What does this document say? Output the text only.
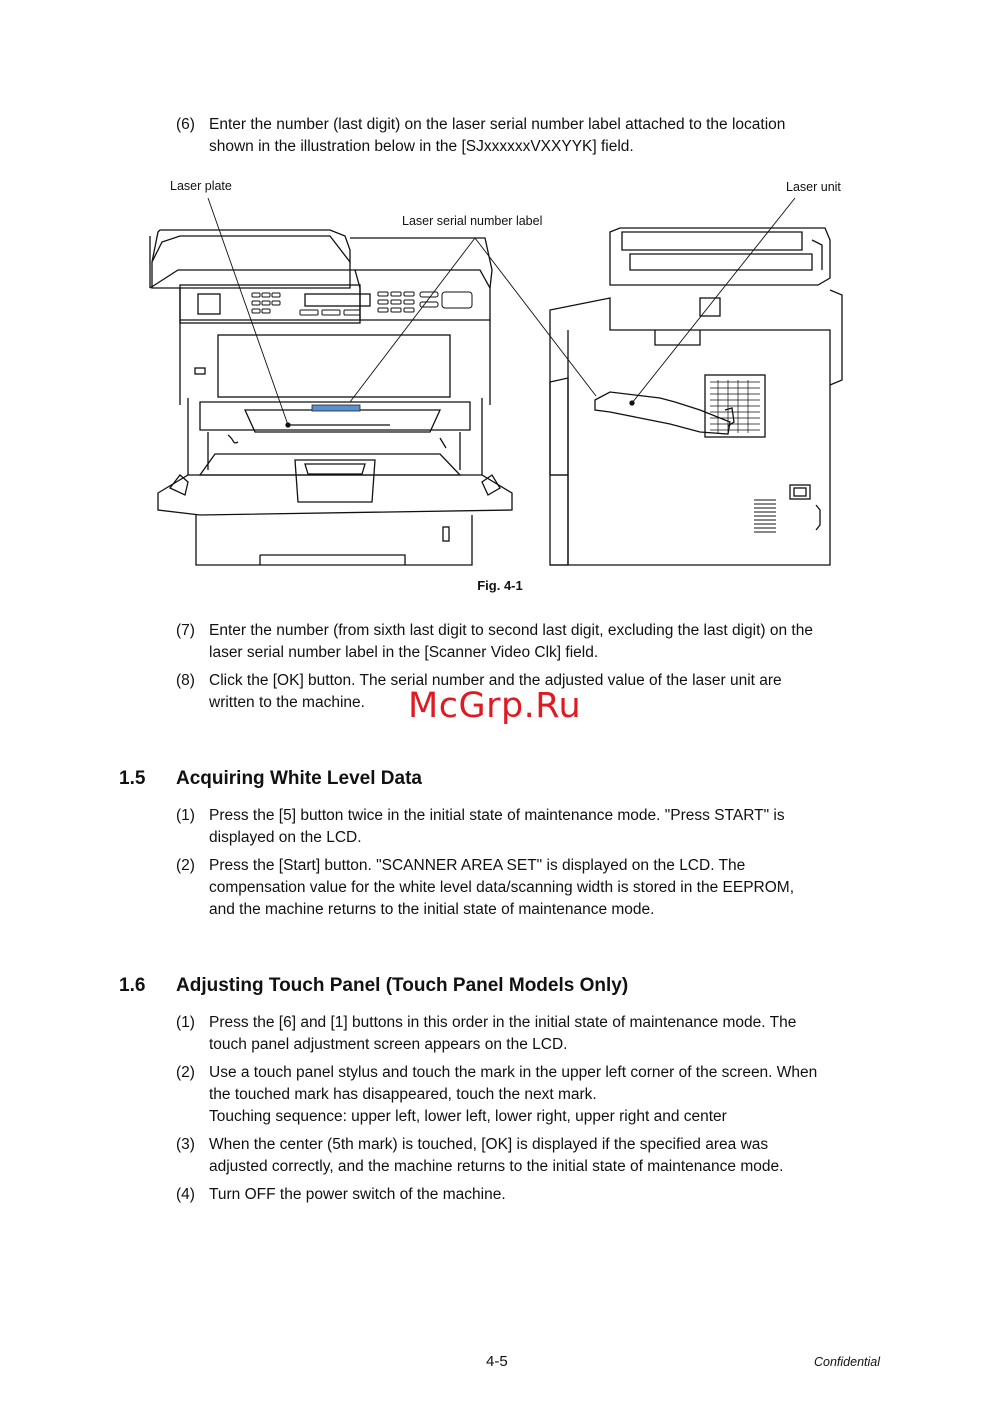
(6) Enter the number (last digit) on the laser serial number label attached to the location
shown in the illustration below in the [SJxxxxxxVXXYYK] field.
Laser plate	Laser unit
Laser serial number label
Fig. 4-1
(7) Enter the number (from sixth last digit to second last digit, excluding the last digit) on the
laser serial number label in the [Scanner Video Clk] field.
(8) Click the [OK] button. The serial number and the adjusted value of the laser unit are
written to the machine.	McGrp.Ru
1.5 Acquiring White Level Data
(1) Press the [5] button twice in the initial state of maintenance mode. "Press START" is
displayed on the LCD.
(2) Press the [Start] button. "SCANNER AREA SET" is displayed on the LCD. The
compensation value for the white level data/scanning width is stored in the EEPROM,
and the machine returns to the initial state of maintenance mode.
1.6 Adjusting Touch Panel (Touch Panel Models Only)
(1) Press the [6] and [1] buttons in this order in the initial state of maintenance mode. The
touch panel adjustment screen appears on the LCD.
(2) Use a touch panel stylus and touch the mark in the upper left corner of the screen. When
the touched mark has disappeared, touch the next mark.
Touching sequence: upper left, lower left, lower right, upper right and center
(3) When the center (5th mark) is touched, [OK] is displayed if the specified area was
adjusted correctly, and the machine returns to the initial state of maintenance mode.
(4) Turn OFF the power switch of the machine.
4-5	Confidential
